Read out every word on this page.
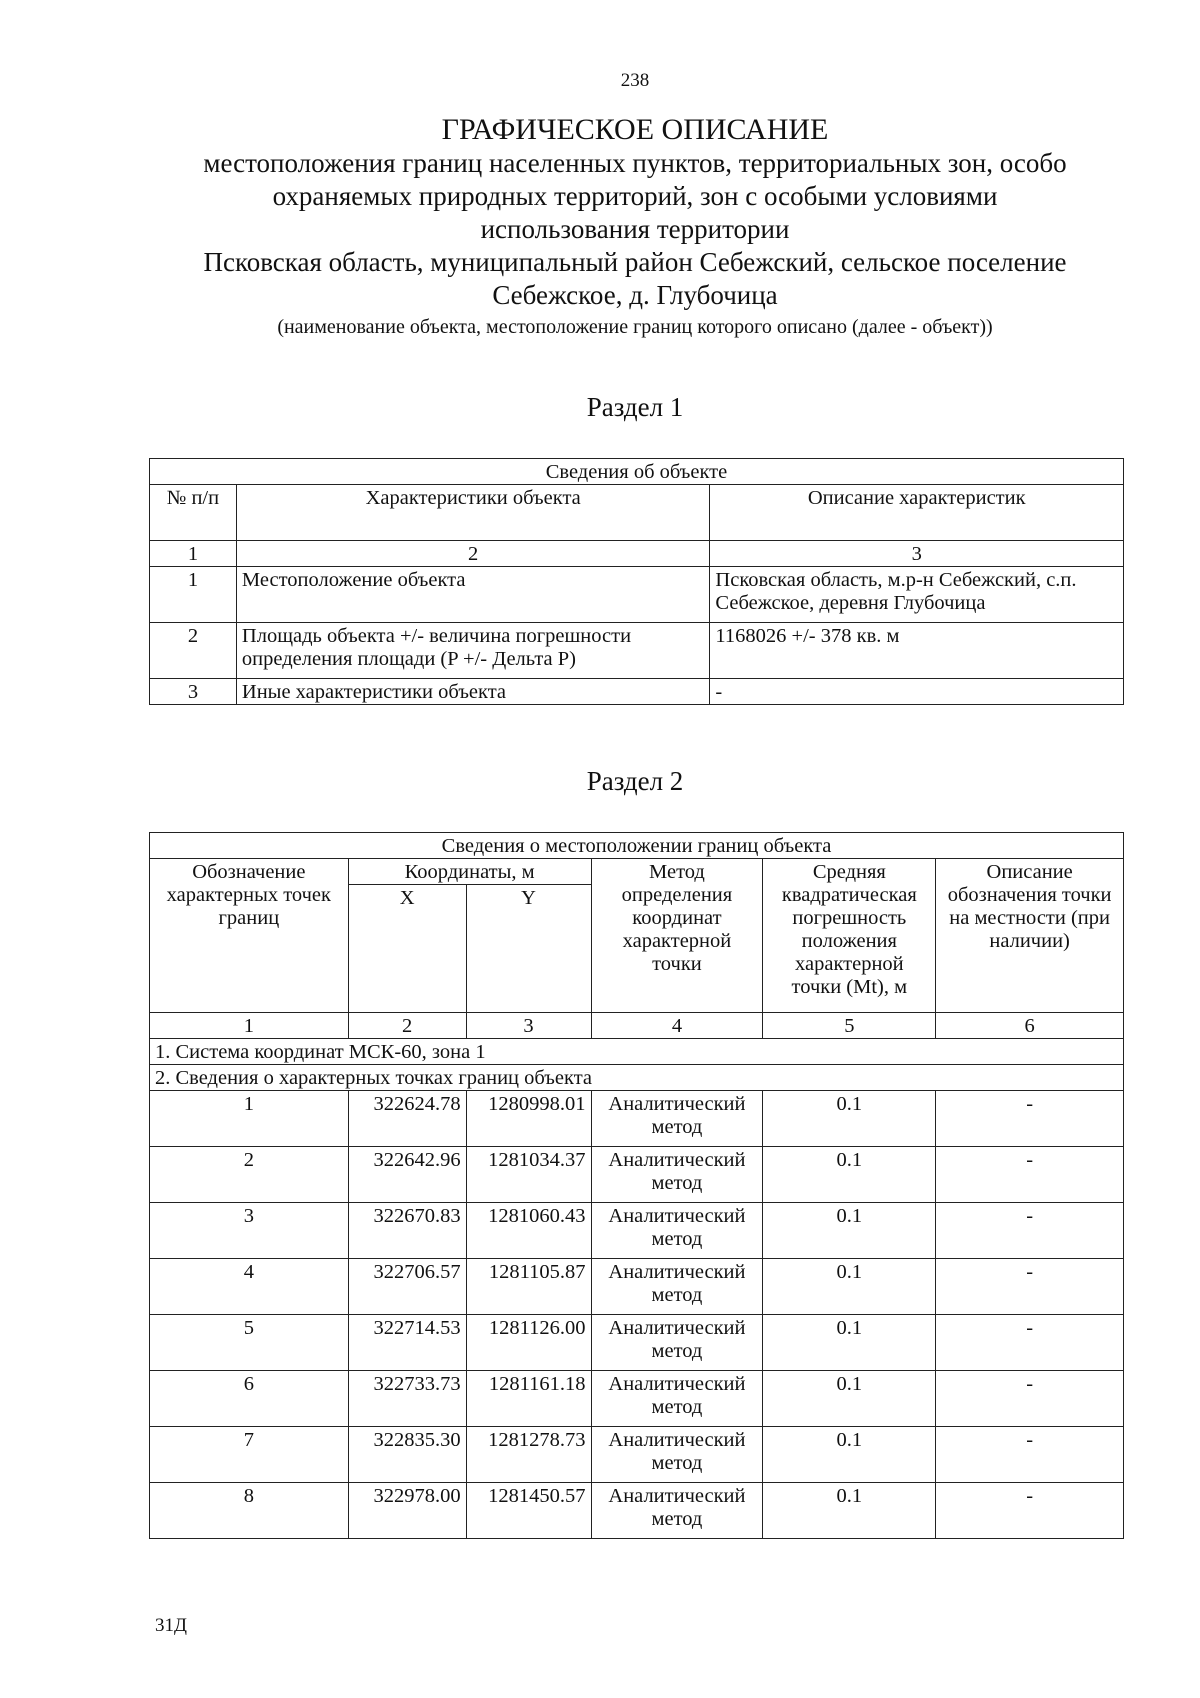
238
ГРАФИЧЕСКОЕ ОПИСАНИЕ
местоположения границ населенных пунктов, территориальных зон, особо
охраняемых природных территорий, зон с особыми условиями
использования территории
Псковская область, муниципальный район Себежский, сельское поселение
Себежское, д. Глубочица
(наименование объекта, местоположение границ которого описано (далее - объект))
Раздел 1
Сведения об объекте		
№ п/п	Характеристики объекта	Описание характеристик
1	2	3
1	Местоположение объекта	Псковская область, м.р-н Себежский, с.п. Себежское, деревня Глубочица
2	Площадь объекта +/- величина погрешности определения площади (P +/- Дельта P)	1168026 +/- 378 кв. м
3	Иные характеристики объекта	-
Раздел 2
Сведения о местоположении границ объекта					
Обозначение характерных точек границ	Координаты, м		Метод определения координат характерной точки	Средняя квадратическая погрешность положения характерной точки (Mt), м	Описание обозначения точки на местности (при наличии)
	X	Y			
1	2	3	4	5	6
1. Система координат МСК-60, зона 1					
2. Сведения о характерных точках границ объекта					
1	322624.78	1280998.01	Аналитический метод	0.1	-
2	322642.96	1281034.37	Аналитический метод	0.1	-
3	322670.83	1281060.43	Аналитический метод	0.1	-
4	322706.57	1281105.87	Аналитический метод	0.1	-
5	322714.53	1281126.00	Аналитический метод	0.1	-
6	322733.73	1281161.18	Аналитический метод	0.1	-
7	322835.30	1281278.73	Аналитический метод	0.1	-
8	322978.00	1281450.57	Аналитический метод	0.1	-
31Д
